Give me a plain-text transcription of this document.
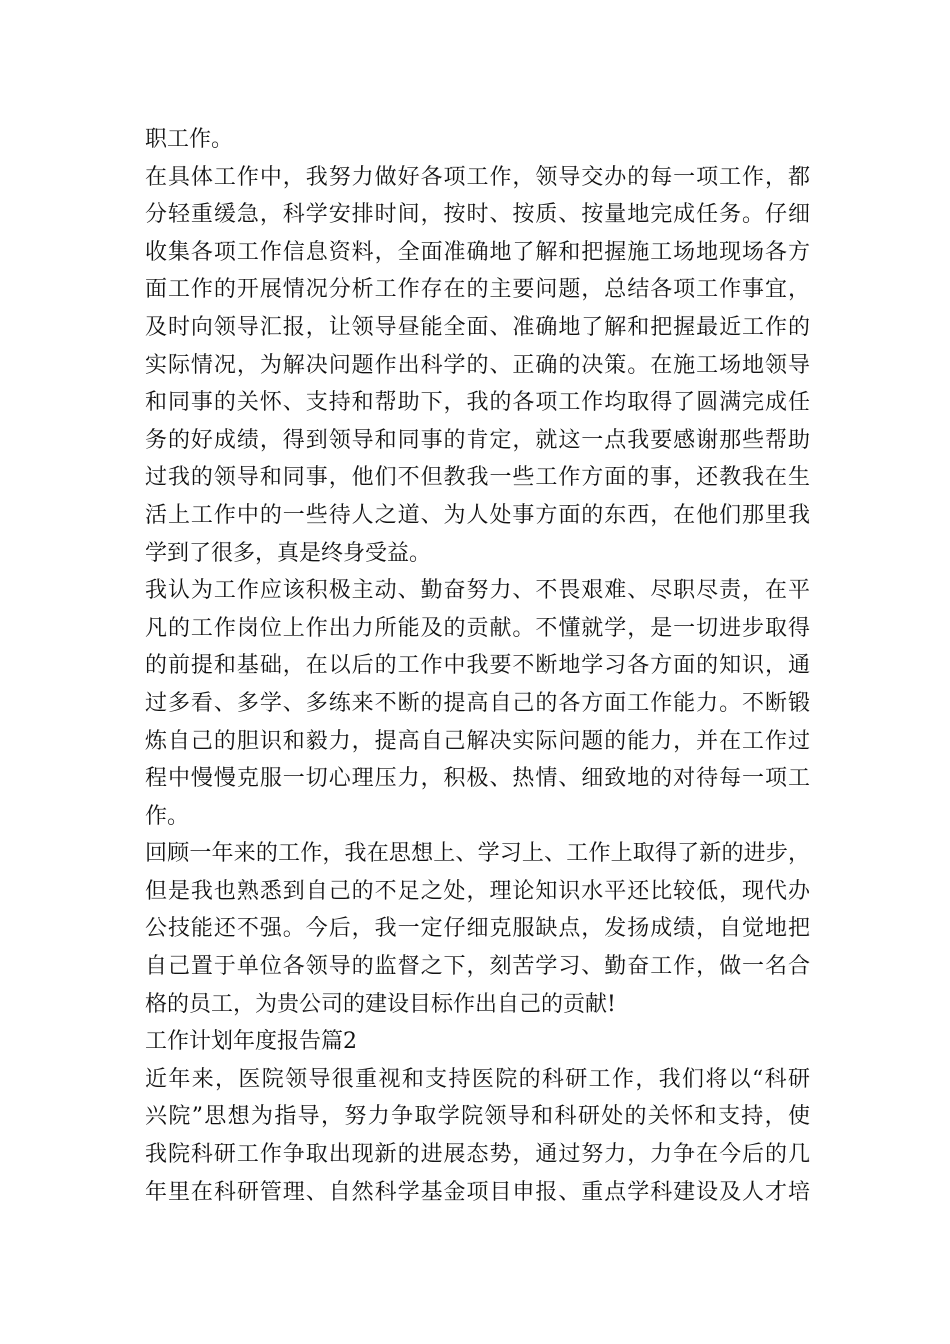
职工作。
在具体工作中，我努力做好各项工作，领导交办的每一项工作，都
分轻重缓急，科学安排时间，按时、按质、按量地完成任务。仔细
收集各项工作信息资料，全面准确地了解和把握施工场地现场各方
面工作的开展情况分析工作存在的主要问题，总结各项工作事宜，
及时向领导汇报，让领导昼能全面、准确地了解和把握最近工作的
实际情况，为解决问题作出科学的、正确的决策。在施工场地领导
和同事的关怀、支持和帮助下，我的各项工作均取得了圆满完成任
务的好成绩，得到领导和同事的肯定，就这一点我要感谢那些帮助
过我的领导和同事，他们不但教我一些工作方面的事，还教我在生
活上工作中的一些待人之道、为人处事方面的东西，在他们那里我
学到了很多，真是终身受益。
我认为工作应该积极主动、勤奋努力、不畏艰难、尽职尽责，在平
凡的工作岗位上作出力所能及的贡献。不懂就学，是一切进步取得
的前提和基础，在以后的工作中我要不断地学习各方面的知识，通
过多看、多学、多练来不断的提高自己的各方面工作能力。不断锻
炼自己的胆识和毅力，提高自己解决实际问题的能力，并在工作过
程中慢慢克服一切心理压力，积极、热情、细致地的对待每一项工
作。
回顾一年来的工作，我在思想上、学习上、工作上取得了新的进步，
但是我也熟悉到自己的不足之处，理论知识水平还比较低，现代办
公技能还不强。今后，我一定仔细克服缺点，发扬成绩，自觉地把
自己置于单位各领导的监督之下，刻苦学习、勤奋工作，做一名合
格的员工，为贵公司的建设目标作出自己的贡献!
工作计划年度报告篇2
近年来，医院领导很重视和支持医院的科研工作，我们将以“科研
兴院”思想为指导，努力争取学院领导和科研处的关怀和支持，使
我院科研工作争取出现新的进展态势，通过努力，力争在今后的几
年里在科研管理、自然科学基金项目申报、重点学科建设及人才培
